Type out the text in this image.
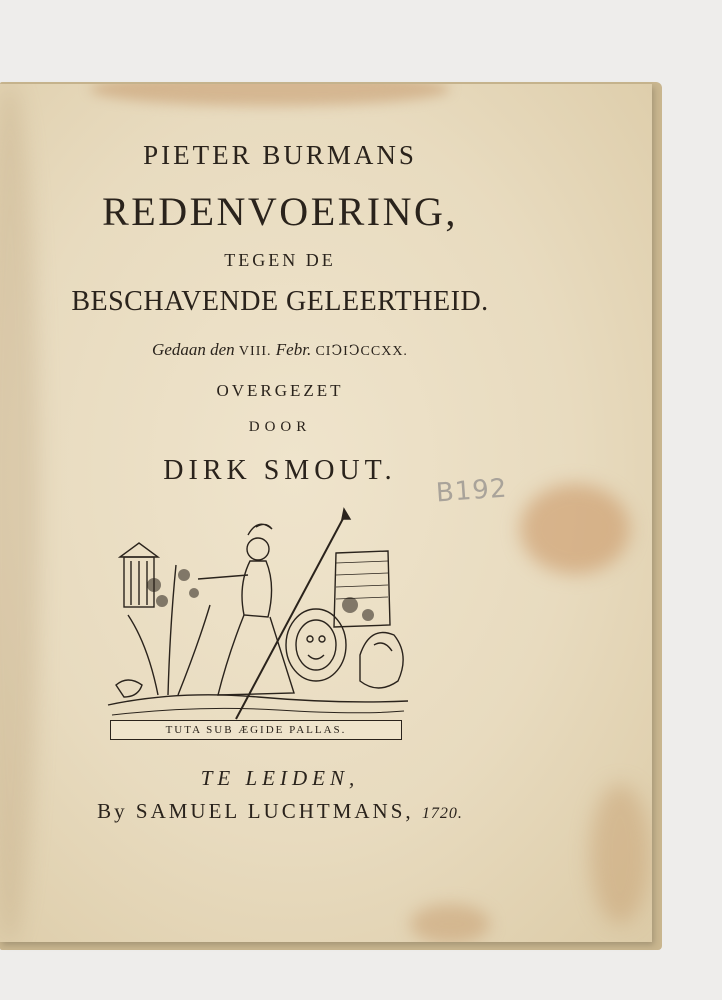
PIETER BURMANS
REDENVOERING,
TEGEN DE
BESCHAVENDE GELEERTHEID.
Gedaan den VIII. Febr. CIↃIↃCCXX.
OVERGEZET
DOOR
DIRK SMOUT.
B192
TUTA SUB ÆGIDE PALLAS.
TE LEIDEN,
By SAMUEL LUCHTMANS, 1720.
